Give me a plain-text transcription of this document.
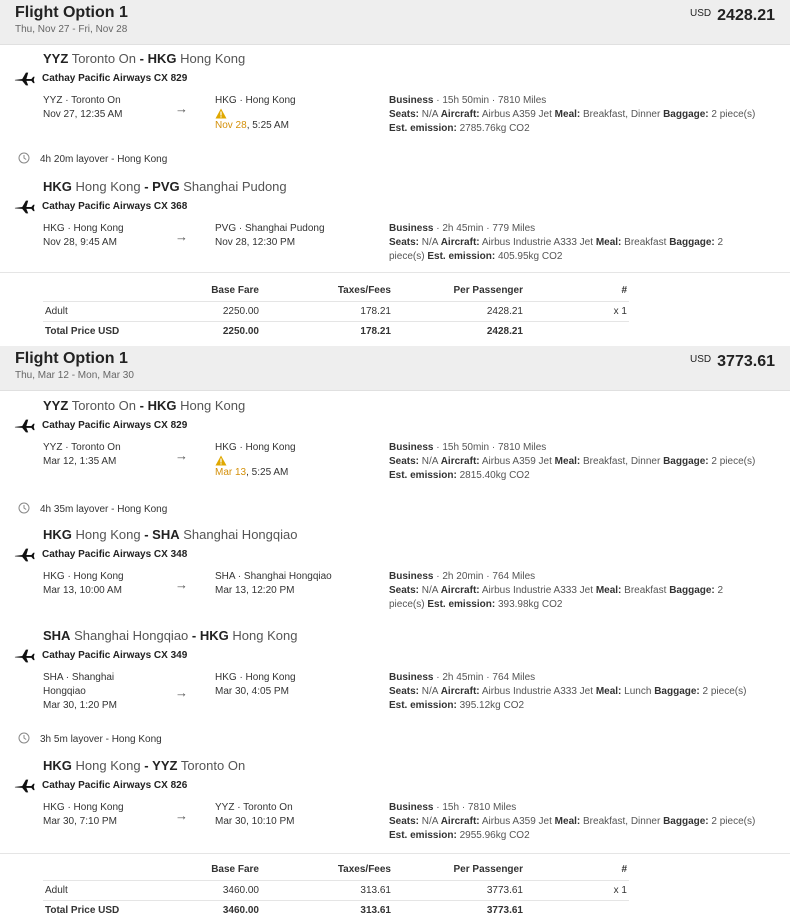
Flight Option 1
Thu, Nov 27 - Fri, Nov 28
$^{USD}$ 2428.21
YYZ Toronto On - HKG Hong Kong
Cathay Pacific Airways CX 829
YYZ · Toronto On
Nov 27, 12:35 AM	→
HKG · Hong Kong
Nov 28, 5:25 AM
Business · 15h 50min · 7810 Miles
Seats: N/A Aircraft: Airbus A359 Jet Meal: Breakfast, Dinner Baggage: 2 piece(s) Est. emission: 2785.76kg CO2
4h 20m layover - Hong Kong
HKG Hong Kong - PVG Shanghai Pudong
Cathay Pacific Airways CX 368
HKG · Hong Kong
Nov 28, 9:45 AM	→
PVG · Shanghai Pudong
Nov 28, 12:30 PM
Business · 2h 45min · 779 Miles
Seats: N/A Aircraft: Airbus Industrie A333 Jet Meal: Breakfast Baggage: 2 piece(s) Est. emission: 405.95kg CO2
	Base Fare	Taxes/Fees	Per Passenger	#
Adult	2250.00	178.21	2428.21	x 1
Total Price USD	2250.00	178.21	2428.21	
Flight Option 1
Thu, Mar 12 - Mon, Mar 30
$^{USD}$ 3773.61
YYZ Toronto On - HKG Hong Kong
Cathay Pacific Airways CX 829
YYZ · Toronto On
Mar 12, 1:35 AM	→
HKG · Hong Kong
Mar 13, 5:25 AM
Business · 15h 50min · 7810 Miles
Seats: N/A Aircraft: Airbus A359 Jet Meal: Breakfast, Dinner Baggage: 2 piece(s) Est. emission: 2815.40kg CO2
4h 35m layover - Hong Kong
HKG Hong Kong - SHA Shanghai Hongqiao
Cathay Pacific Airways CX 348
HKG · Hong Kong
Mar 13, 10:00 AM	→
SHA · Shanghai Hongqiao
Mar 13, 12:20 PM
Business · 2h 20min · 764 Miles
Seats: N/A Aircraft: Airbus Industrie A333 Jet Meal: Breakfast Baggage: 2 piece(s) Est. emission: 393.98kg CO2
SHA Shanghai Hongqiao - HKG Hong Kong
Cathay Pacific Airways CX 349
SHA · Shanghai
Hongqiao
Mar 30, 1:20 PM
→
HKG · Hong Kong
Mar 30, 4:05 PM
Business · 2h 45min · 764 Miles
Seats: N/A Aircraft: Airbus Industrie A333 Jet Meal: Lunch Baggage: 2 piece(s) Est. emission: 395.12kg CO2
3h 5m layover - Hong Kong
HKG Hong Kong - YYZ Toronto On
Cathay Pacific Airways CX 826
HKG · Hong Kong
Mar 30, 7:10 PM	→
YYZ · Toronto On
Mar 30, 10:10 PM
Business · 15h · 7810 Miles
Seats: N/A Aircraft: Airbus A359 Jet Meal: Breakfast, Dinner Baggage: 2 piece(s) Est. emission: 2955.96kg CO2
	Base Fare	Taxes/Fees	Per Passenger	#
Adult	3460.00	313.61	3773.61	x 1
Total Price USD	3460.00	313.61	3773.61	
